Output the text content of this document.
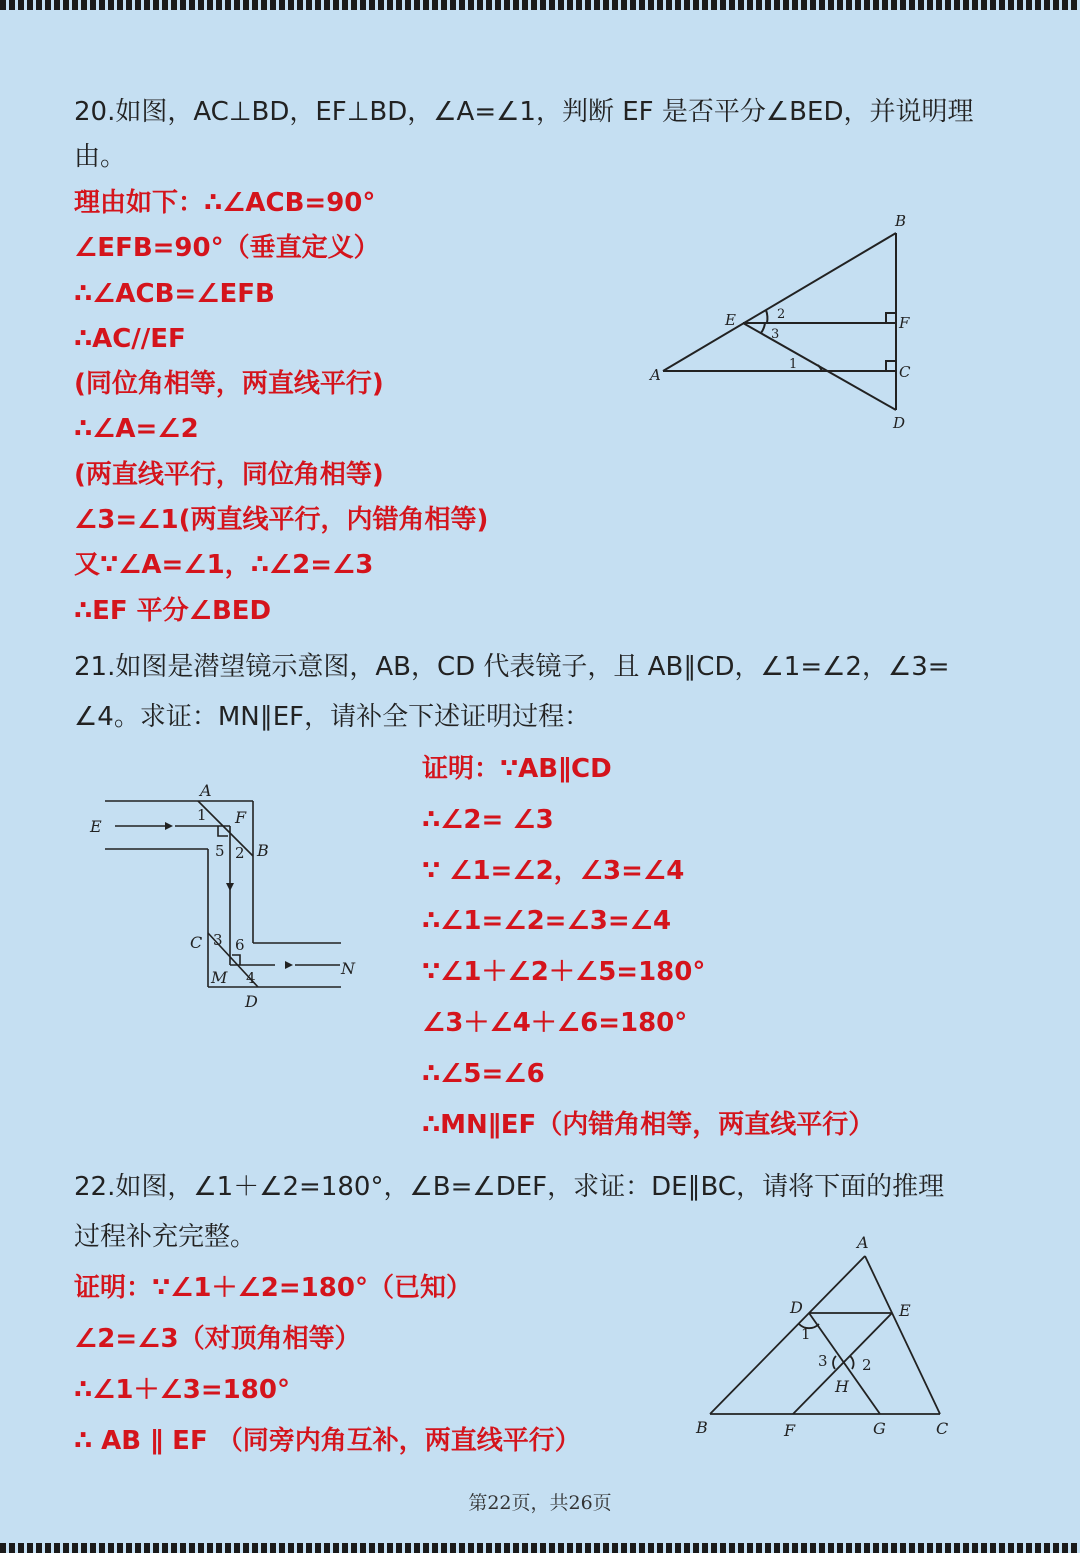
20.如图，AC⊥BD，EF⊥BD，∠A=∠1，判断 EF 是否平分∠BED，并说明理
由。
理由如下：∴∠ACB=90°
∠EFB=90°（垂直定义）
∴∠ACB=∠EFB
∴AC//EF
(同位角相等，两直线平行)
∴∠A=∠2
(两直线平行，同位角相等)
∠3=∠1(两直线平行，内错角相等)
又∵∠A=∠1，∴∠2=∠3
∴EF 平分∠BED
B
E	F
A	C
D
2
3
1
21.如图是潜望镜示意图，AB，CD 代表镜子，且 AB∥CD，∠1=∠2，∠3=
∠4。求证：MN∥EF，请补全下述证明过程：
证明：∵AB∥CD
∴∠2= ∠3
∵ ∠1=∠2，∠3=∠4
∴∠1=∠2=∠3=∠4
∵∠1＋∠2＋∠5=180°
∠3＋∠4＋∠6=180°
∴∠5=∠6
∴MN∥EF（内错角相等，两直线平行）
A
E	F
B
C
M	N
D
1
5 2
3 6
4
22.如图，∠1＋∠2=180°，∠B=∠DEF，求证：DE∥BC，请将下面的推理
过程补充完整。
证明：∵∠1＋∠2=180°（已知）
∠2=∠3（对顶角相等）
∴∠1＋∠3=180°
∴ AB ∥ EF （同旁内角互补，两直线平行）
A
D	E
H
B	F	G	C
1
3 2
第22页，共26页
